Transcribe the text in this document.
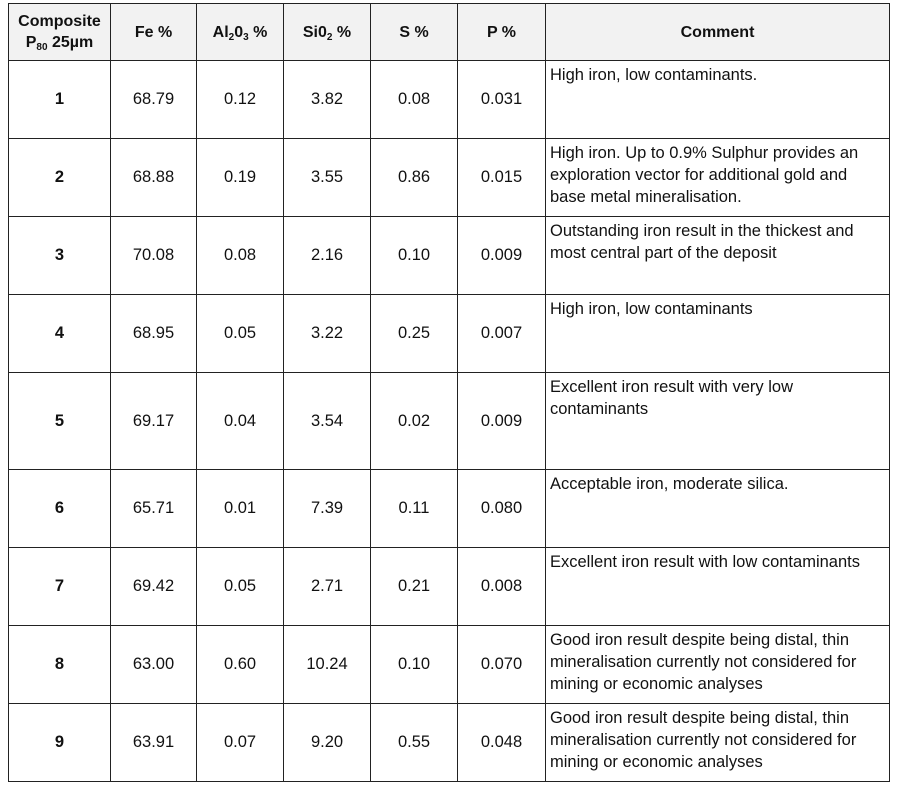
Composite
$P_{80}$ 25µm	Fe %	$Al_20_3$ %	$Si0_2$ %	S %	P %	Comment
1	68.79	0.12	3.82	0.08	0.031	High iron, low contaminants.
2	68.88	0.19	3.55	0.86	0.015	High iron. Up to 0.9% Sulphur provides an exploration vector for additional gold and base metal mineralisation.
3	70.08	0.08	2.16	0.10	0.009	Outstanding iron result in the thickest and most central part of the deposit
4	68.95	0.05	3.22	0.25	0.007	High iron, low contaminants
5	69.17	0.04	3.54	0.02	0.009	Excellent iron result with very low contaminants
6	65.71	0.01	7.39	0.11	0.080	Acceptable iron, moderate silica.
7	69.42	0.05	2.71	0.21	0.008	Excellent iron result with low contaminants
8	63.00	0.60	10.24	0.10	0.070	Good iron result despite being distal, thin mineralisation currently not considered for mining or economic analyses
9	63.91	0.07	9.20	0.55	0.048	Good iron result despite being distal, thin mineralisation currently not considered for mining or economic analyses
